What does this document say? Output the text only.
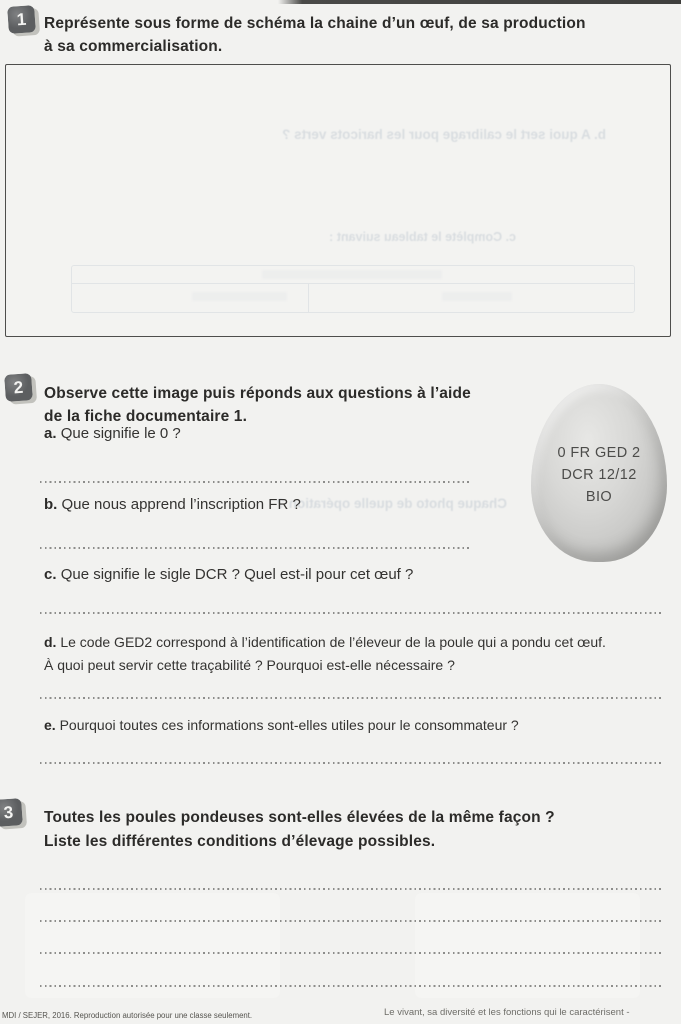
1	Représente sous forme de schéma la chaine d’un œuf, de sa production
à sa commercialisation.
b. A quoi sert le calibrage pour les haricots verts ?
c. Complète le tableau suivant :
2	Observe cette image puis réponds aux questions à l’aide
de la fiche documentaire 1.

a. Que signifie le 0 ?

Chaque photo de quelle opération ?

b. Que nous apprend l’inscription FR ?

c. Que signifie le sigle DCR ? Quel est-il pour cet œuf ?

d. Le code GED2 correspond à l’identification de l’éleveur de la poule qui a pondu cet œuf.
À quoi peut servir cette traçabilité ? Pourquoi est-elle nécessaire ?

e. Pourquoi toutes ces informations sont-elles utiles pour le consommateur ?

0 FR GED 2
DCR 12/12
BIO
3	Toutes les poules pondeuses sont-elles élevées de la même façon ?
Liste les différentes conditions d’élevage possibles.
MDI / SEJER, 2016. Reproduction autorisée pour une classe seulement.	Le vivant, sa diversité et les fonctions qui le caractérisent -
